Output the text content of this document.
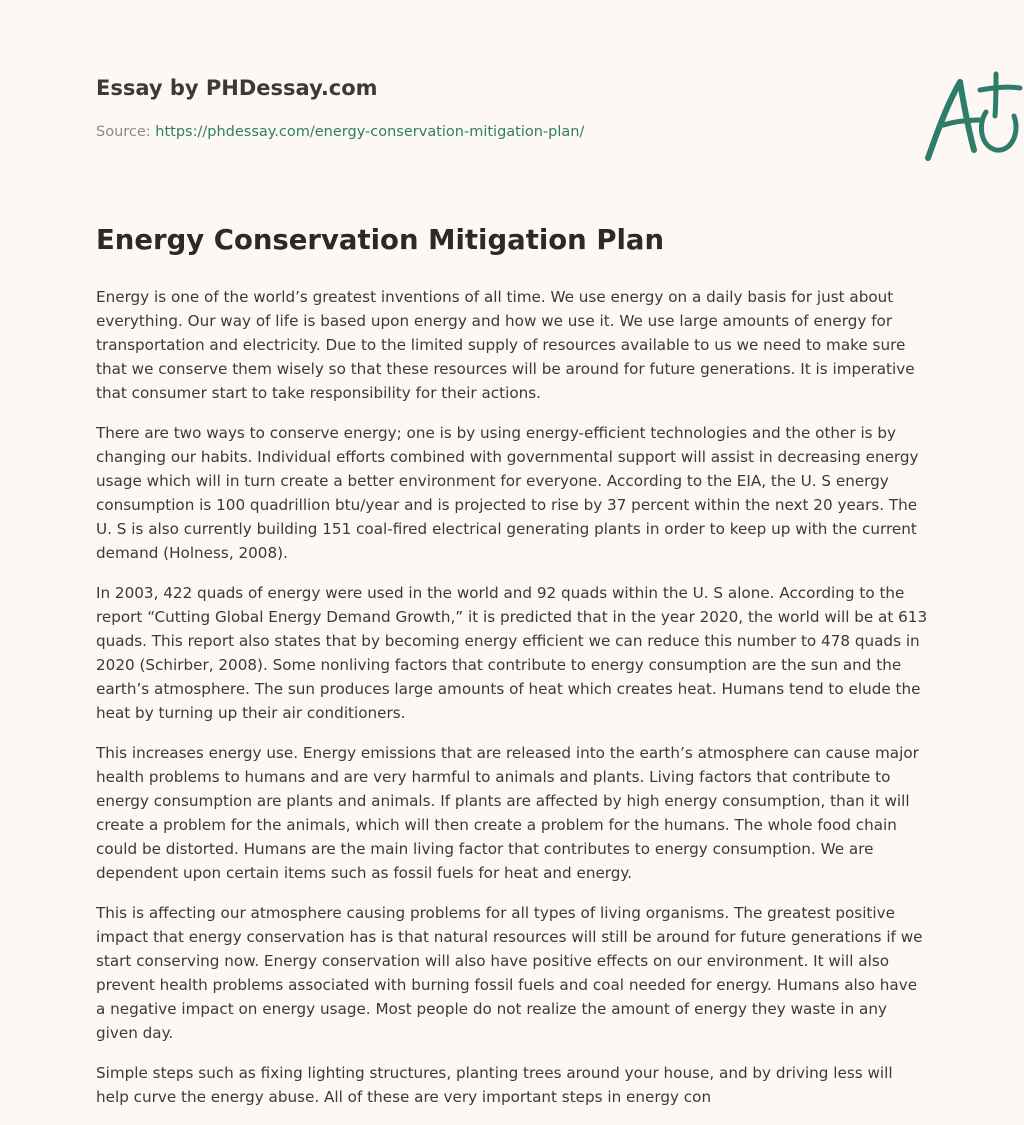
Essay by PHDessay.com
Source: https://phdessay.com/energy-conservation-mitigation-plan/
Energy Conservation Mitigation Plan

Energy is one of the world’s greatest inventions of all time. We use energy on a daily basis for just about everything. Our way of life is based upon energy and how we use it. We use large amounts of energy for transportation and electricity. Due to the limited supply of resources available to us we need to make sure that we conserve them wisely so that these resources will be around for future generations. It is imperative that consumer start to take responsibility for their actions.

There are two ways to conserve energy; one is by using energy-efficient technologies and the other is by changing our habits. Individual efforts combined with governmental support will assist in decreasing energy usage which will in turn create a better environment for everyone. According to the EIA, the U. S energy consumption is 100 quadrillion btu/year and is projected to rise by 37 percent within the next 20 years. The U. S is also currently building 151 coal-fired electrical generating plants in order to keep up with the current demand (Holness, 2008).

In 2003, 422 quads of energy were used in the world and 92 quads within the U. S alone. According to the report “Cutting Global Energy Demand Growth,” it is predicted that in the year 2020, the world will be at 613 quads. This report also states that by becoming energy efficient we can reduce this number to 478 quads in 2020 (Schirber, 2008). Some nonliving factors that contribute to energy consumption are the sun and the earth’s atmosphere. The sun produces large amounts of heat which creates heat. Humans tend to elude the heat by turning up their air conditioners.

This increases energy use. Energy emissions that are released into the earth’s atmosphere can cause major health problems to humans and are very harmful to animals and plants. Living factors that contribute to energy consumption are plants and animals. If plants are affected by high energy consumption, than it will create a problem for the animals, which will then create a problem for the humans. The whole food chain could be distorted. Humans are the main living factor that contributes to energy consumption. We are dependent upon certain items such as fossil fuels for heat and energy.

This is affecting our atmosphere causing problems for all types of living organisms. The greatest positive impact that energy conservation has is that natural resources will still be around for future generations if we start conserving now. Energy conservation will also have positive effects on our environment. It will also prevent health problems associated with burning fossil fuels and coal needed for energy. Humans also have a negative impact on energy usage. Most people do not realize the amount of energy they waste in any given day.

Simple steps such as fixing lighting structures, planting trees around your house, and by driving less will help curve the energy abuse. All of these are very important steps in energy con
